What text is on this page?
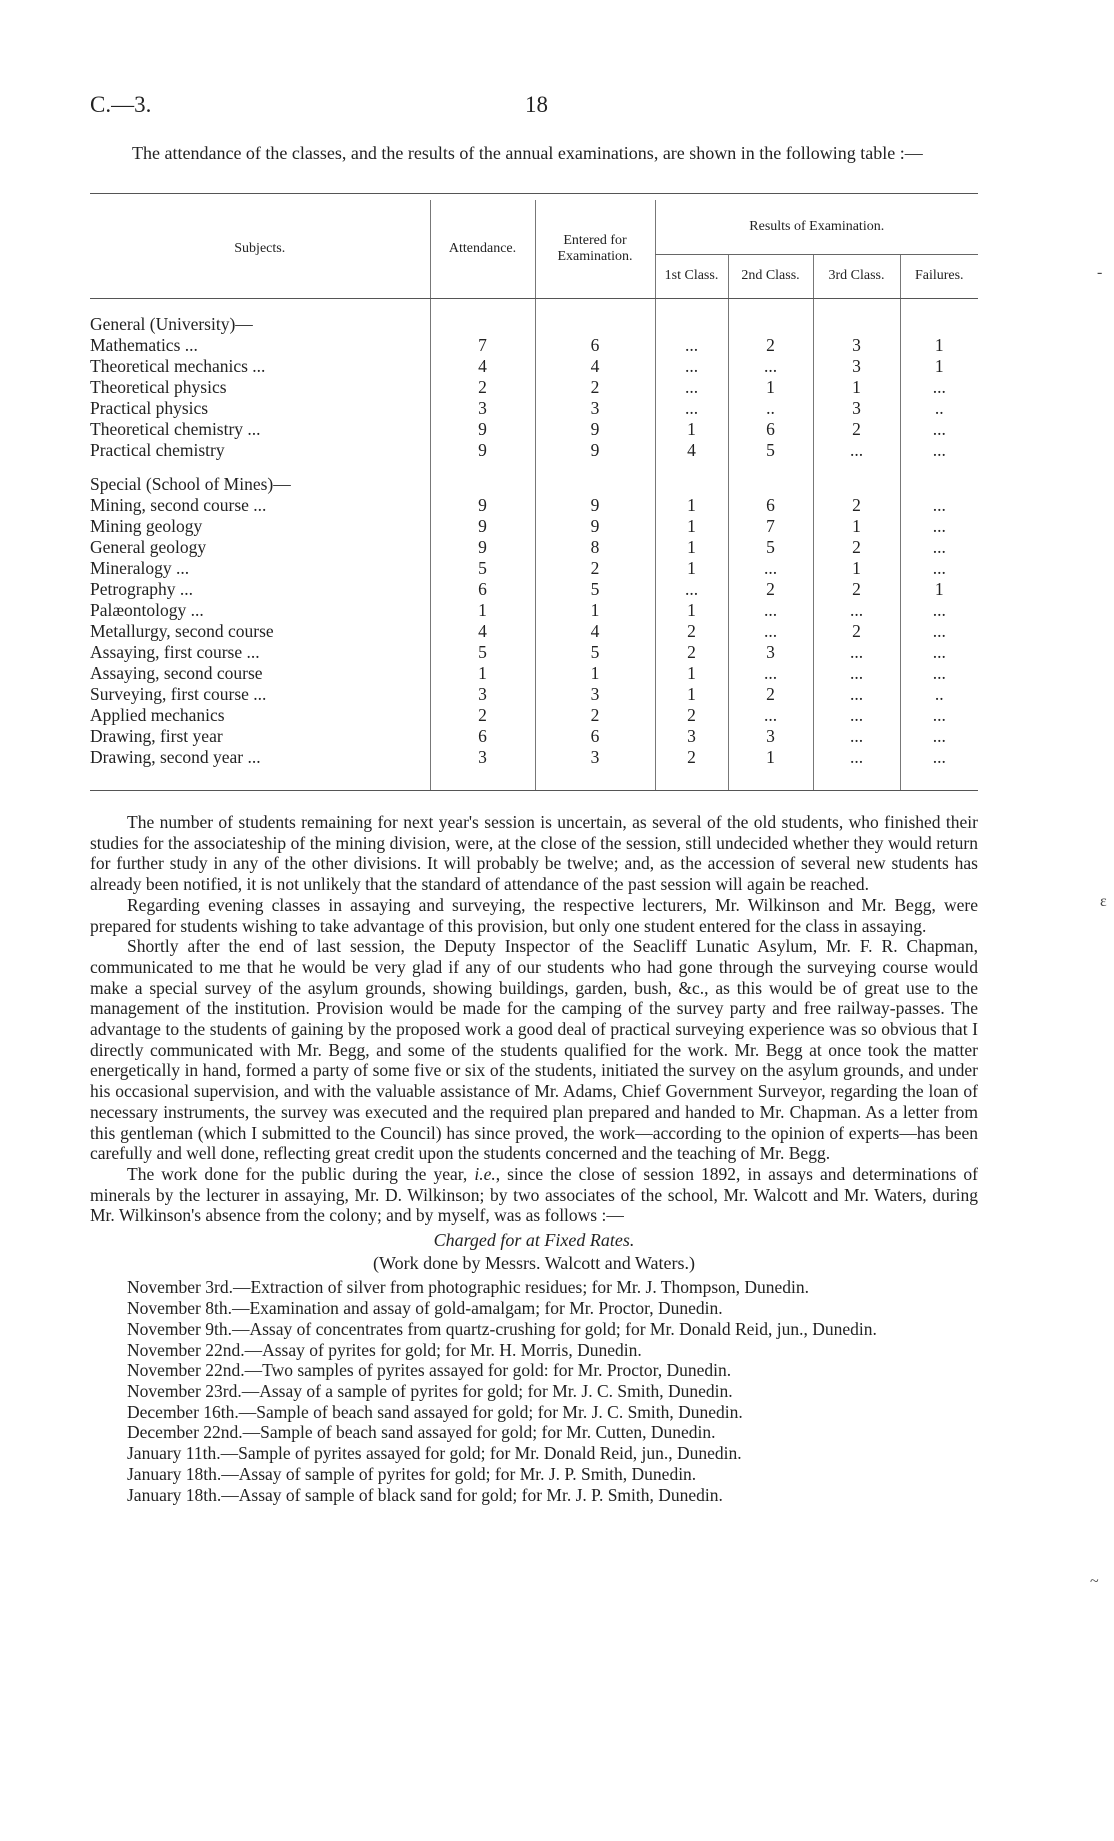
C.—3.	18
The attendance of the classes, and the results of the annual examinations, are shown in the following table :—
Subjects.	Attendance.	Entered for Examination.	Results of Examination.			
			1st Class.	2nd Class.	3rd Class.	Failures.

General (University)—						
Mathematics ...	7	6	...	2	3	1
Theoretical mechanics ...	4	4	...	...	3	1
Theoretical physics	2	2	...	1	1	...
Practical physics	3	3	...	..	3	..
Theoretical chemistry ...	9	9	1	6	2	...
Practical chemistry	9	9	4	5	...	...
Special (School of Mines)—						
Mining, second course ...	9	9	1	6	2	...
Mining geology	9	9	1	7	1	...
General geology	9	8	1	5	2	...
Mineralogy ...	5	2	1	...	1	...
Petrography ...	6	5	...	2	2	1
Palæontology ...	1	1	1	...	...	...
Metallurgy, second course	4	4	2	...	2	...
Assaying, first course ...	5	5	2	3	...	...
Assaying, second course	1	1	1	...	...	...
Surveying, first course ...	3	3	1	2	...	..
Applied mechanics	2	2	2	...	...	...
Drawing, first year	6	6	3	3	...	...
Drawing, second year ...	3	3	2	1	...	...

The number of students remaining for next year's session is uncertain, as several of the old students, who finished their studies for the associateship of the mining division, were, at the close of the session, still undecided whether they would return for further study in any of the other divisions. It will probably be twelve; and, as the accession of several new students has already been notified, it is not unlikely that the standard of attendance of the past session will again be reached.

Regarding evening classes in assaying and surveying, the respective lecturers, Mr. Wilkinson and Mr. Begg, were prepared for students wishing to take advantage of this provision, but only one student entered for the class in assaying.

Shortly after the end of last session, the Deputy Inspector of the Seacliff Lunatic Asylum, Mr. F. R. Chapman, communicated to me that he would be very glad if any of our students who had gone through the surveying course would make a special survey of the asylum grounds, showing buildings, garden, bush, &c., as this would be of great use to the management of the institution. Provision would be made for the camping of the survey party and free railway-passes. The advantage to the students of gaining by the proposed work a good deal of practical surveying experience was so obvious that I directly communicated with Mr. Begg, and some of the students qualified for the work. Mr. Begg at once took the matter energetically in hand, formed a party of some five or six of the students, initiated the survey on the asylum grounds, and under his occasional supervision, and with the valuable assistance of Mr. Adams, Chief Government Surveyor, regarding the loan of necessary instruments, the survey was executed and the required plan prepared and handed to Mr. Chapman. As a letter from this gentleman (which I submitted to the Council) has since proved, the work—according to the opinion of experts—has been carefully and well done, reflecting great credit upon the students concerned and the teaching of Mr. Begg.

The work done for the public during the year, i.e., since the close of session 1892, in assays and determinations of minerals by the lecturer in assaying, Mr. D. Wilkinson; by two associates of the school, Mr. Walcott and Mr. Waters, during Mr. Wilkinson's absence from the colony; and by myself, was as follows :—

Charged for at Fixed Rates.
(Work done by Messrs. Walcott and Waters.)

November 3rd.—Extraction of silver from photographic residues; for Mr. J. Thompson, Dunedin.

November 8th.—Examination and assay of gold-amalgam; for Mr. Proctor, Dunedin.

November 9th.—Assay of concentrates from quartz-crushing for gold; for Mr. Donald Reid, jun., Dunedin.

November 22nd.—Assay of pyrites for gold; for Mr. H. Morris, Dunedin.

November 22nd.—Two samples of pyrites assayed for gold: for Mr. Proctor, Dunedin.

November 23rd.—Assay of a sample of pyrites for gold; for Mr. J. C. Smith, Dunedin.

December 16th.—Sample of beach sand assayed for gold; for Mr. J. C. Smith, Dunedin.

December 22nd.—Sample of beach sand assayed for gold; for Mr. Cutten, Dunedin.

January 11th.—Sample of pyrites assayed for gold; for Mr. Donald Reid, jun., Dunedin.

January 18th.—Assay of sample of pyrites for gold; for Mr. J. P. Smith, Dunedin.

January 18th.—Assay of sample of black sand for gold; for Mr. J. P. Smith, Dunedin.

-
ɛ
~
